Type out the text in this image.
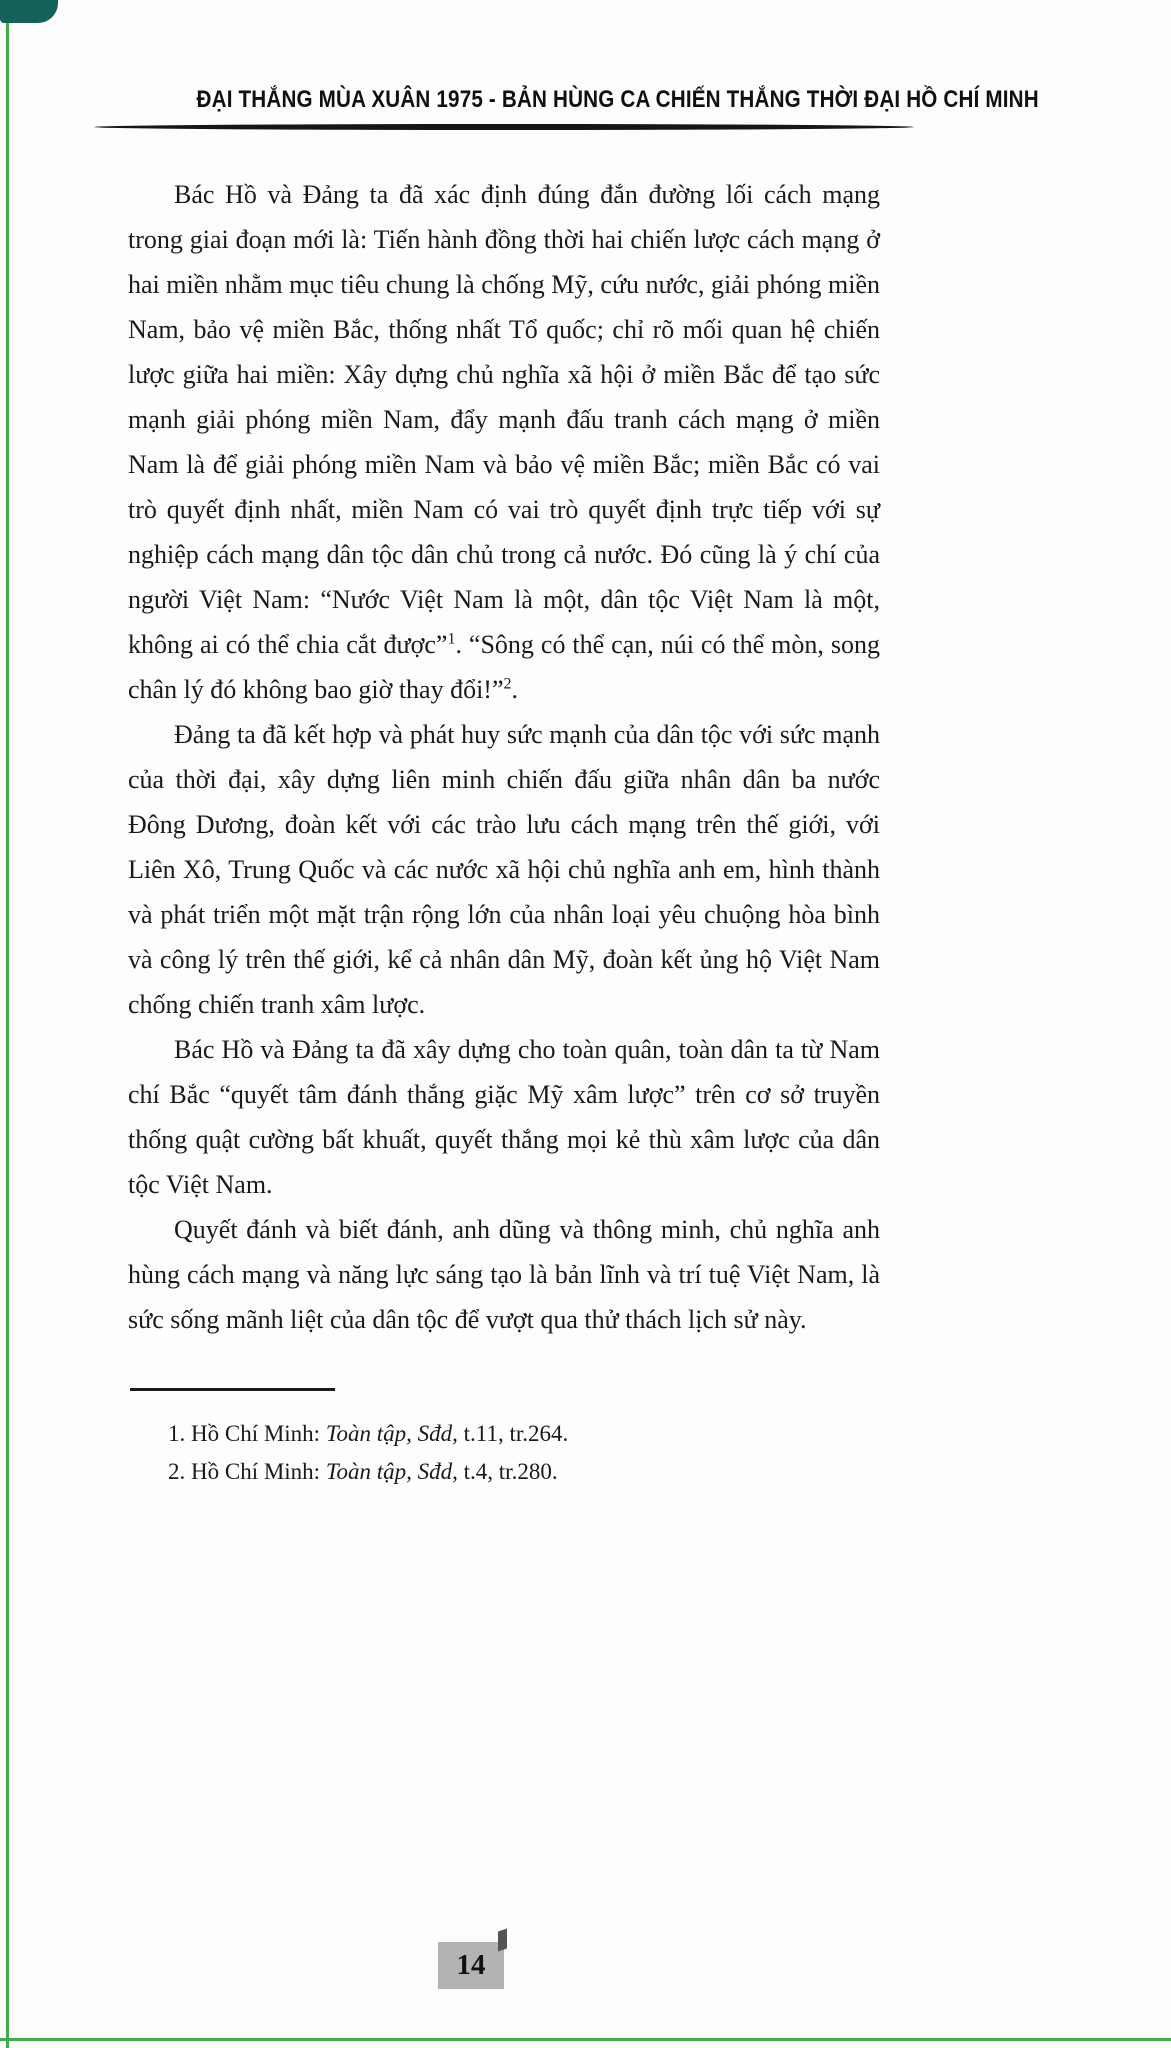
ĐẠI THẮNG MÙA XUÂN 1975 - BẢN HÙNG CA CHIẾN THẮNG THỜI ĐẠI HỒ CHÍ MINH

Bác Hồ và Đảng ta đã xác định đúng đắn đường lối cách mạng trong giai đoạn mới là: Tiến hành đồng thời hai chiến lược cách mạng ở hai miền nhằm mục tiêu chung là chống Mỹ, cứu nước, giải phóng miền Nam, bảo vệ miền Bắc, thống nhất Tổ quốc; chỉ rõ mối quan hệ chiến lược giữa hai miền: Xây dựng chủ nghĩa xã hội ở miền Bắc để tạo sức mạnh giải phóng miền Nam, đẩy mạnh đấu tranh cách mạng ở miền Nam là để giải phóng miền Nam và bảo vệ miền Bắc; miền Bắc có vai trò quyết định nhất, miền Nam có vai trò quyết định trực tiếp với sự nghiệp cách mạng dân tộc dân chủ trong cả nước. Đó cũng là ý chí của người Việt Nam: “Nước Việt Nam là một, dân tộc Việt Nam là một, không ai có thể chia cắt được”$^1$. “Sông có thể cạn, núi có thể mòn, song chân lý đó không bao giờ thay đổi!”$^2$.

Đảng ta đã kết hợp và phát huy sức mạnh của dân tộc với sức mạnh của thời đại, xây dựng liên minh chiến đấu giữa nhân dân ba nước Đông Dương, đoàn kết với các trào lưu cách mạng trên thế giới, với Liên Xô, Trung Quốc và các nước xã hội chủ nghĩa anh em, hình thành và phát triển một mặt trận rộng lớn của nhân loại yêu chuộng hòa bình và công lý trên thế giới, kể cả nhân dân Mỹ, đoàn kết ủng hộ Việt Nam chống chiến tranh xâm lược.

Bác Hồ và Đảng ta đã xây dựng cho toàn quân, toàn dân ta từ Nam chí Bắc “quyết tâm đánh thắng giặc Mỹ xâm lược” trên cơ sở truyền thống quật cường bất khuất, quyết thắng mọi kẻ thù xâm lược của dân tộc Việt Nam.

Quyết đánh và biết đánh, anh dũng và thông minh, chủ nghĩa anh hùng cách mạng và năng lực sáng tạo là bản lĩnh và trí tuệ Việt Nam, là sức sống mãnh liệt của dân tộc để vượt qua thử thách lịch sử này.

1. Hồ Chí Minh: Toàn tập, Sđd, t.11, tr.264.
2. Hồ Chí Minh: Toàn tập, Sđd, t.4, tr.280.
14
